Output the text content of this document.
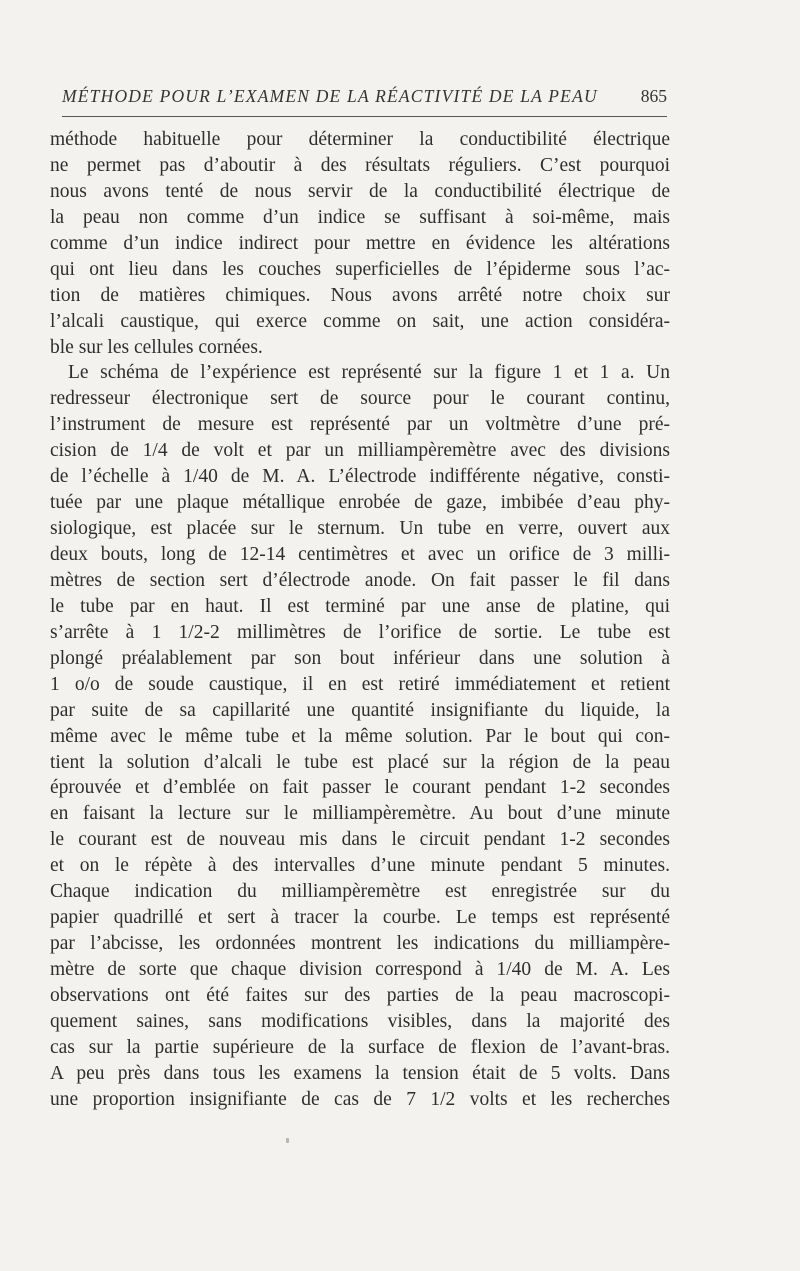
MÉTHODE POUR L’EXAMEN DE LA RÉACTIVITÉ DE LA PEAU 865
méthode habituelle pour déterminer la conductibilité électrique
ne permet pas d’aboutir à des résultats réguliers. C’est pourquoi
nous avons tenté de nous servir de la conductibilité électrique de
la peau non comme d’un indice se suffisant à soi-même, mais
comme d’un indice indirect pour mettre en évidence les altérations
qui ont lieu dans les couches superficielles de l’épiderme sous l’ac-
tion de matières chimiques. Nous avons arrêté notre choix sur
l’alcali caustique, qui exerce comme on sait, une action considéra-
ble sur les cellules cornées.
Le schéma de l’expérience est représenté sur la figure 1 et 1 a. Un
redresseur électronique sert de source pour le courant continu,
l’instrument de mesure est représenté par un voltmètre d’une pré-
cision de 1/4 de volt et par un milliampèremètre avec des divisions
de l’échelle à 1/40 de M. A. L’électrode indifférente négative, consti-
tuée par une plaque métallique enrobée de gaze, imbibée d’eau phy-
siologique, est placée sur le sternum. Un tube en verre, ouvert aux
deux bouts, long de 12-14 centimètres et avec un orifice de 3 milli-
mètres de section sert d’électrode anode. On fait passer le fil dans
le tube par en haut. Il est terminé par une anse de platine, qui
s’arrête à 1 1/2-2 millimètres de l’orifice de sortie. Le tube est
plongé préalablement par son bout inférieur dans une solution à
1 o/o de soude caustique, il en est retiré immédiatement et retient
par suite de sa capillarité une quantité insignifiante du liquide, la
même avec le même tube et la même solution. Par le bout qui con-
tient la solution d’alcali le tube est placé sur la région de la peau
éprouvée et d’emblée on fait passer le courant pendant 1-2 secondes
en faisant la lecture sur le milliampèremètre. Au bout d’une minute
le courant est de nouveau mis dans le circuit pendant 1-2 secondes
et on le répète à des intervalles d’une minute pendant 5 minutes.
Chaque indication du milliampèremètre est enregistrée sur du
papier quadrillé et sert à tracer la courbe. Le temps est représenté
par l’abcisse, les ordonnées montrent les indications du milliampère-
mètre de sorte que chaque division correspond à 1/40 de M. A. Les
observations ont été faites sur des parties de la peau macroscopi-
quement saines, sans modifications visibles, dans la majorité des
cas sur la partie supérieure de la surface de flexion de l’avant-bras.
A peu près dans tous les examens la tension était de 5 volts. Dans
une proportion insignifiante de cas de 7 1/2 volts et les recherches
